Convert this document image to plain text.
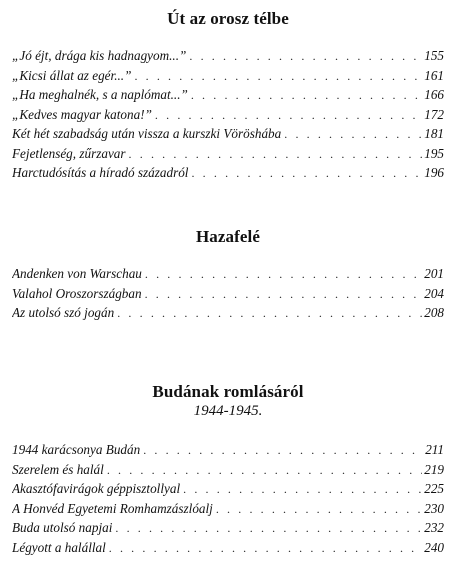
Út az orosz télbe
„Jó éjt, drága kis hadnagyom...” . . .	155
„Kicsi állat az egér...” . . .	161
„Ha meghalnék, s a naplómat...” . . .	166
„Kedves magyar katona!” . . .	172
Két hét szabadság után vissza a kurszki Vöröshába . . .	181
Fejetlenség, zűrzavar . . .	195
Harctudósítás a híradó századról . . .	196
Hazafelé
Andenken von Warschau . . .	201
Valahol Oroszországban . . .	204
Az utolsó szó jogán . . .	208
Budának romlásáról
1944-1945.
1944 karácsonya Budán . . .	211
Szerelem és halál . . .	219
Akasztófavirágok géppisztollyal . . .	225
A Honvéd Egyetemi Romhamzászlóalj . . .	230
Buda utolsó napjai . . .	232
Légyott a halállal . . .	240
